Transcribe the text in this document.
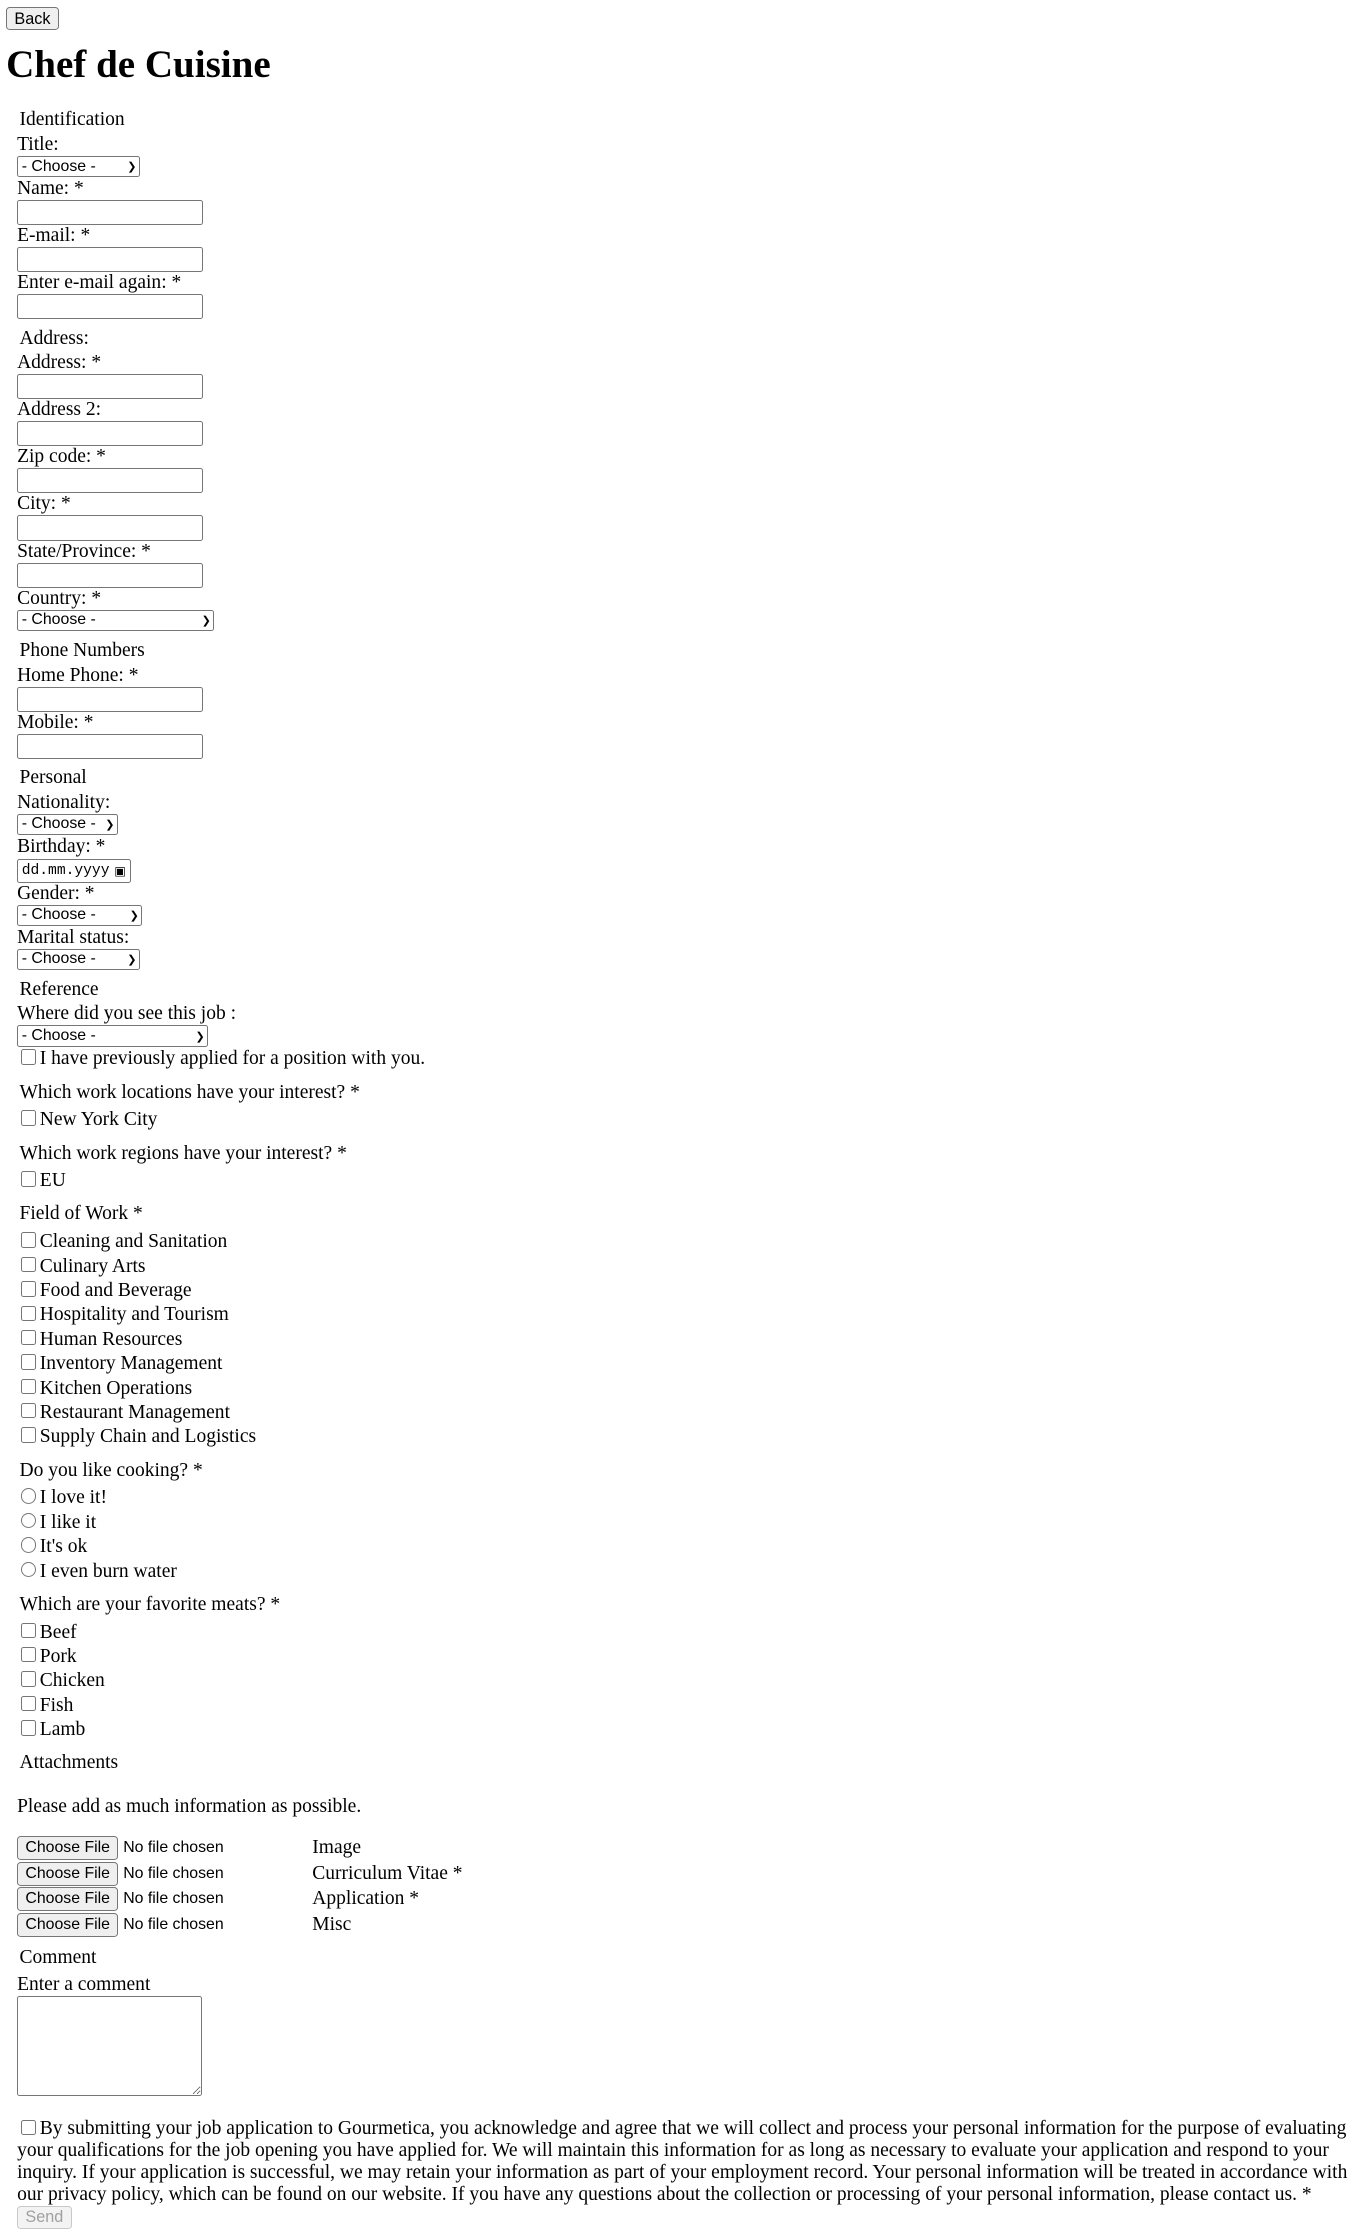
Back
Chef de Cuisine
Identification
Title:
- Choose -	❯
Name: *
E-mail: *
Enter e-mail again: *
Address:
Address: *
Address 2:
Zip code: *
City: *
State/Province: *
Country: *
- Choose -	❯
Phone Numbers
Home Phone: *
Mobile: *
Personal
Nationality:
- Choose - ❯
Birthday: *
dd.mm.yyyy ▣
Gender: *
- Choose -	❯
Marital status:
- Choose -	❯
Reference
Where did you see this job :
- Choose -	❯
I have previously applied for a position with you.
Which work locations have your interest? *
New York City
Which work regions have your interest? *
EU
Field of Work *
Cleaning and Sanitation
Culinary Arts
Food and Beverage
Hospitality and Tourism
Human Resources
Inventory Management
Kitchen Operations
Restaurant Management
Supply Chain and Logistics
Do you like cooking? *
I love it!
I like it
It's ok
I even burn water
Which are your favorite meats? *
Beef
Pork
Chicken
Fish
Lamb
Attachments

Please add as much information as possible.

Choose File	No file chosen	Image
Choose File	No file chosen	Curriculum Vitae *
Choose File	No file chosen	Application *
Choose File	No file chosen	Misc
Comment
Enter a comment
By submitting your job application to Gourmetica, you acknowledge and agree that we will collect and process your personal information for the purpose of evaluating your qualifications for the job opening you have applied for. We will maintain this information for as long as necessary to evaluate your application and respond to your inquiry. If your application is successful, we may retain your information as part of your employment record. Your personal information will be treated in accordance with our privacy policy, which can be found on our website. If you have any questions about the collection or processing of your personal information, please contact us. *
Send
